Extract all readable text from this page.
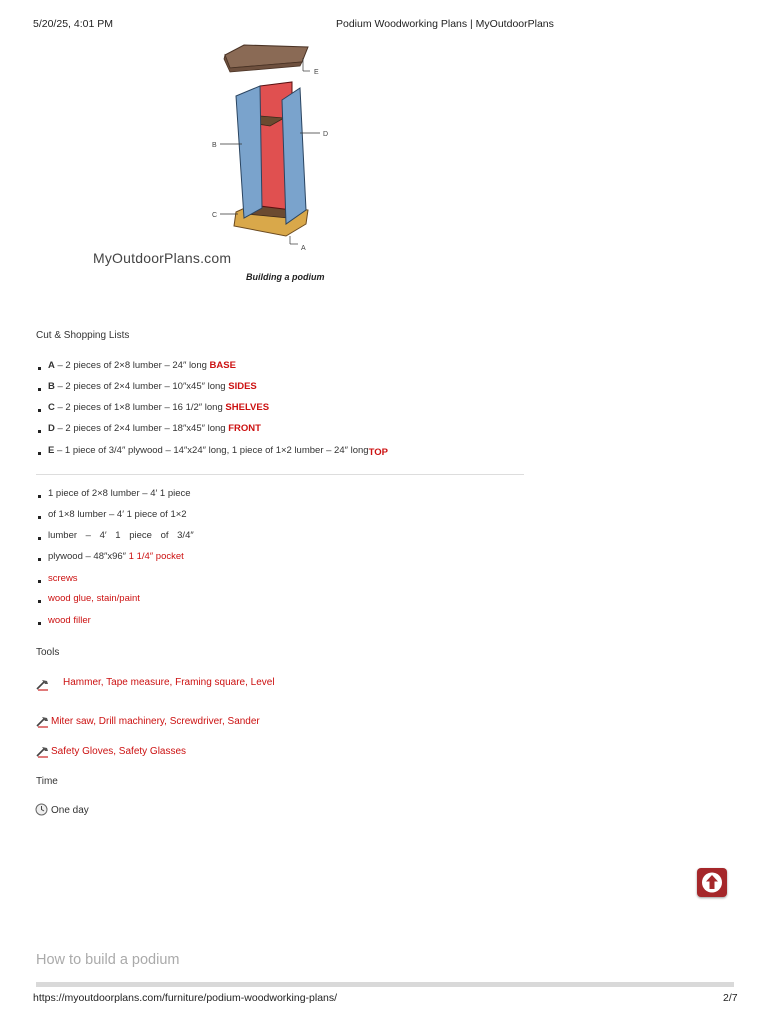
5/20/25, 4:01 PM	Podium Woodworking Plans | MyOutdoorPlans
E
B
D
C
A
MyOutdoorPlans.com
Building a podium
Cut & Shopping Lists
A – 2 pieces of 2×8 lumber – 24″ long BASE
B – 2 pieces of 2×4 lumber – 10″x45″ long SIDES
C – 2 pieces of 1×8 lumber – 16 1/2″ long SHELVES
D – 2 pieces of 2×4 lumber – 18″x45″ long FRONT
E – 1 piece of 3/4″ plywood – 14″x24″ long, 1 piece of 1×2 lumber – 24″ longTOP
1 piece of 2×8 lumber – 4′ 1 piece
of 1×8 lumber – 4′ 1 piece of 1×2
lumber – 4′ 1 piece of 3/4″
plywood – 48″x96″ 1 1/4″ pocket
screws
wood glue, stain/paint
wood filler
Tools
Hammer, Tape measure, Framing square, Level
Miter saw, Drill machinery, Screwdriver, Sander
Safety Gloves, Safety Glasses
Time
One day
How to build a podium
https://myoutdoorplans.com/furniture/podium-woodworking-plans/	2/7
